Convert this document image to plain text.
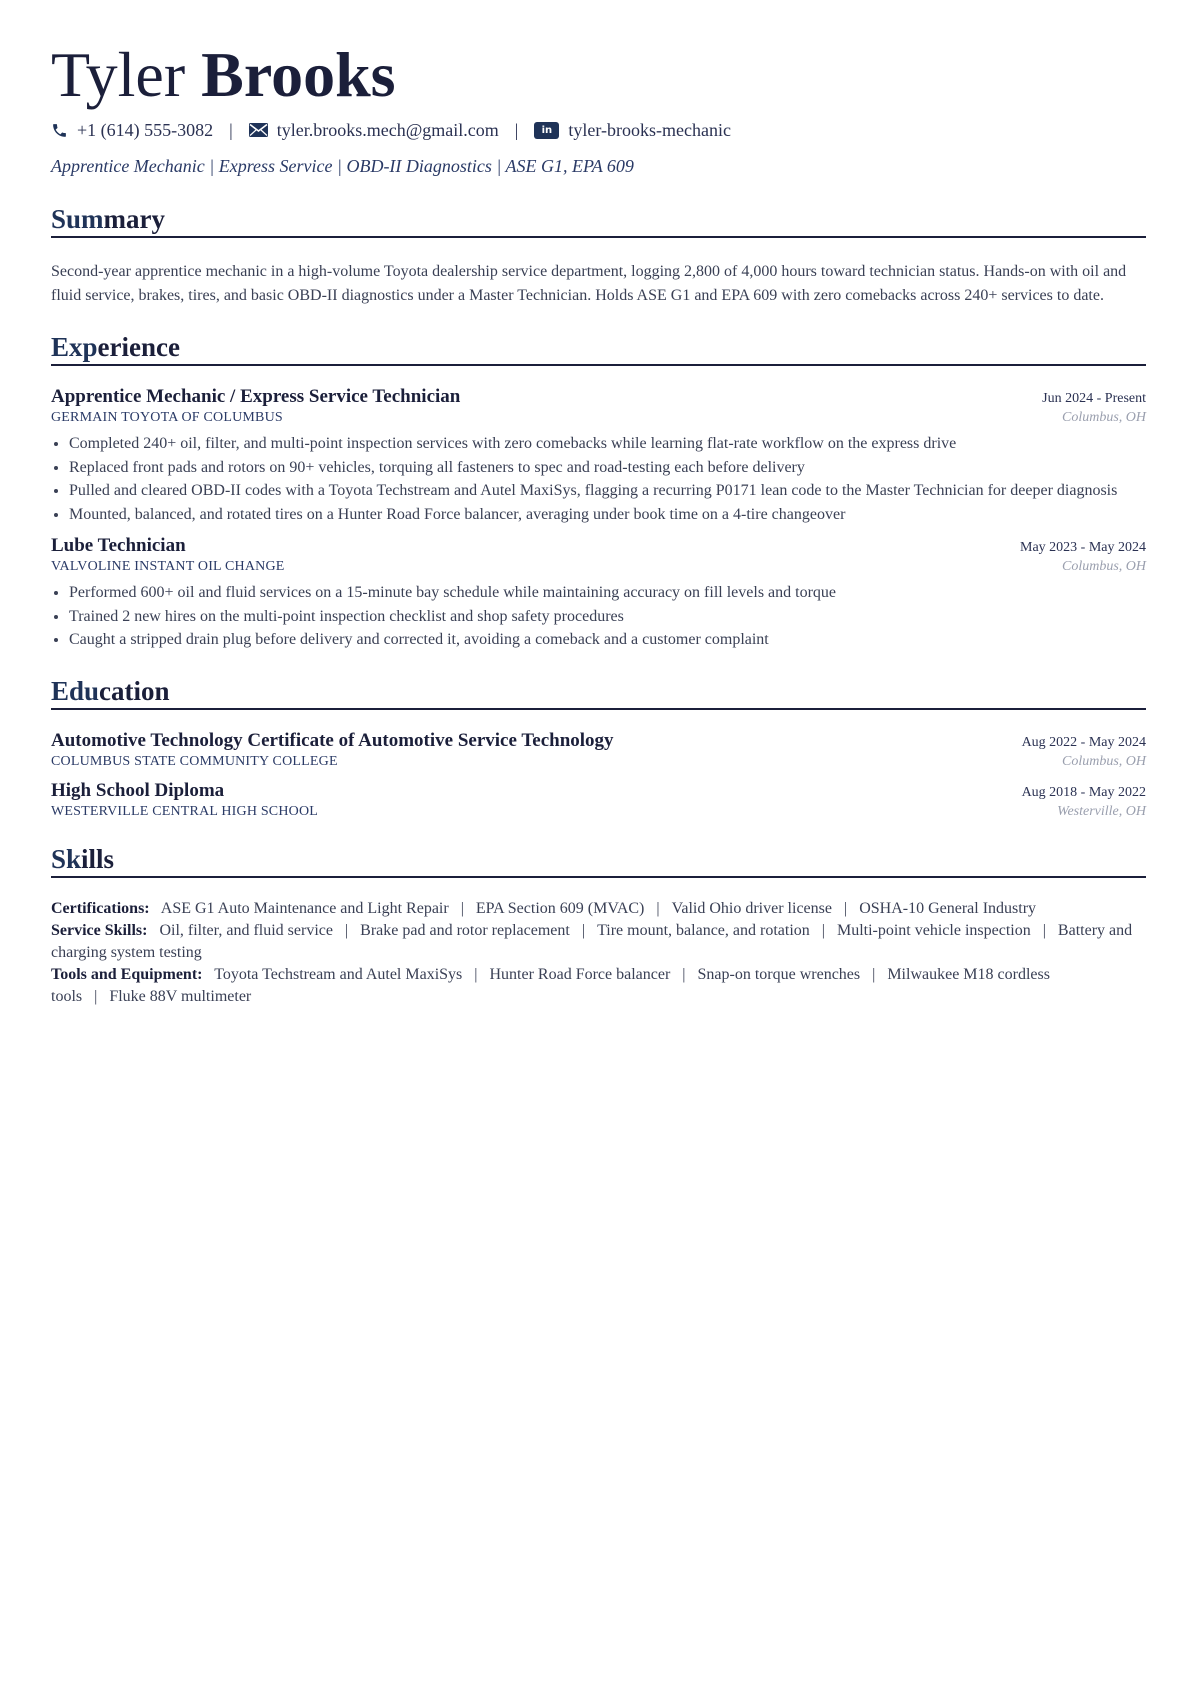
Tyler Brooks
+1 (614) 555-3082 | tyler.brooks.mech@gmail.com |	in tyler-brooks-mechanic
Apprentice Mechanic | Express Service | OBD-II Diagnostics | ASE G1, EPA 609
Summary

Second-year apprentice mechanic in a high-volume Toyota dealership service department, logging 2,800 of 4,000 hours toward technician status. Hands-on with oil and fluid service, brakes, tires, and basic OBD-II diagnostics under a Master Technician. Holds ASE G1 and EPA 609 with zero comebacks across 240+ services to date.

Experience
Apprentice Mechanic / Express Service Technician	Jun 2024 - Present
GERMAIN TOYOTA OF COLUMBUS	Columbus, OH
• Completed 240+ oil, filter, and multi-point inspection services with zero comebacks while learning flat-rate workflow on the express drive
• Replaced front pads and rotors on 90+ vehicles, torquing all fasteners to spec and road-testing each before delivery
• Pulled and cleared OBD-II codes with a Toyota Techstream and Autel MaxiSys, flagging a recurring P0171 lean code to the Master Technician for deeper diagnosis
• Mounted, balanced, and rotated tires on a Hunter Road Force balancer, averaging under book time on a 4-tire changeover
Lube Technician	May 2023 - May 2024
VALVOLINE INSTANT OIL CHANGE	Columbus, OH
• Performed 600+ oil and fluid services on a 15-minute bay schedule while maintaining accuracy on fill levels and torque
• Trained 2 new hires on the multi-point inspection checklist and shop safety procedures
• Caught a stripped drain plug before delivery and corrected it, avoiding a comeback and a customer complaint
Education
Automotive Technology Certificate of Automotive Service Technology	Aug 2022 - May 2024
COLUMBUS STATE COMMUNITY COLLEGE	Columbus, OH
High School Diploma	Aug 2018 - May 2022
WESTERVILLE CENTRAL HIGH SCHOOL	Westerville, OH
Skills
Certifications: ASE G1 Auto Maintenance and Light Repair | EPA Section 609 (MVAC) | Valid Ohio driver license | OSHA-10 General Industry
Service Skills: Oil, filter, and fluid service | Brake pad and rotor replacement | Tire mount, balance, and rotation | Multi-point vehicle inspection | Battery and charging system testing
Tools and Equipment: Toyota Techstream and Autel MaxiSys | Hunter Road Force balancer | Snap-on torque wrenches | Milwaukee M18 cordless tools | Fluke 88V multimeter
